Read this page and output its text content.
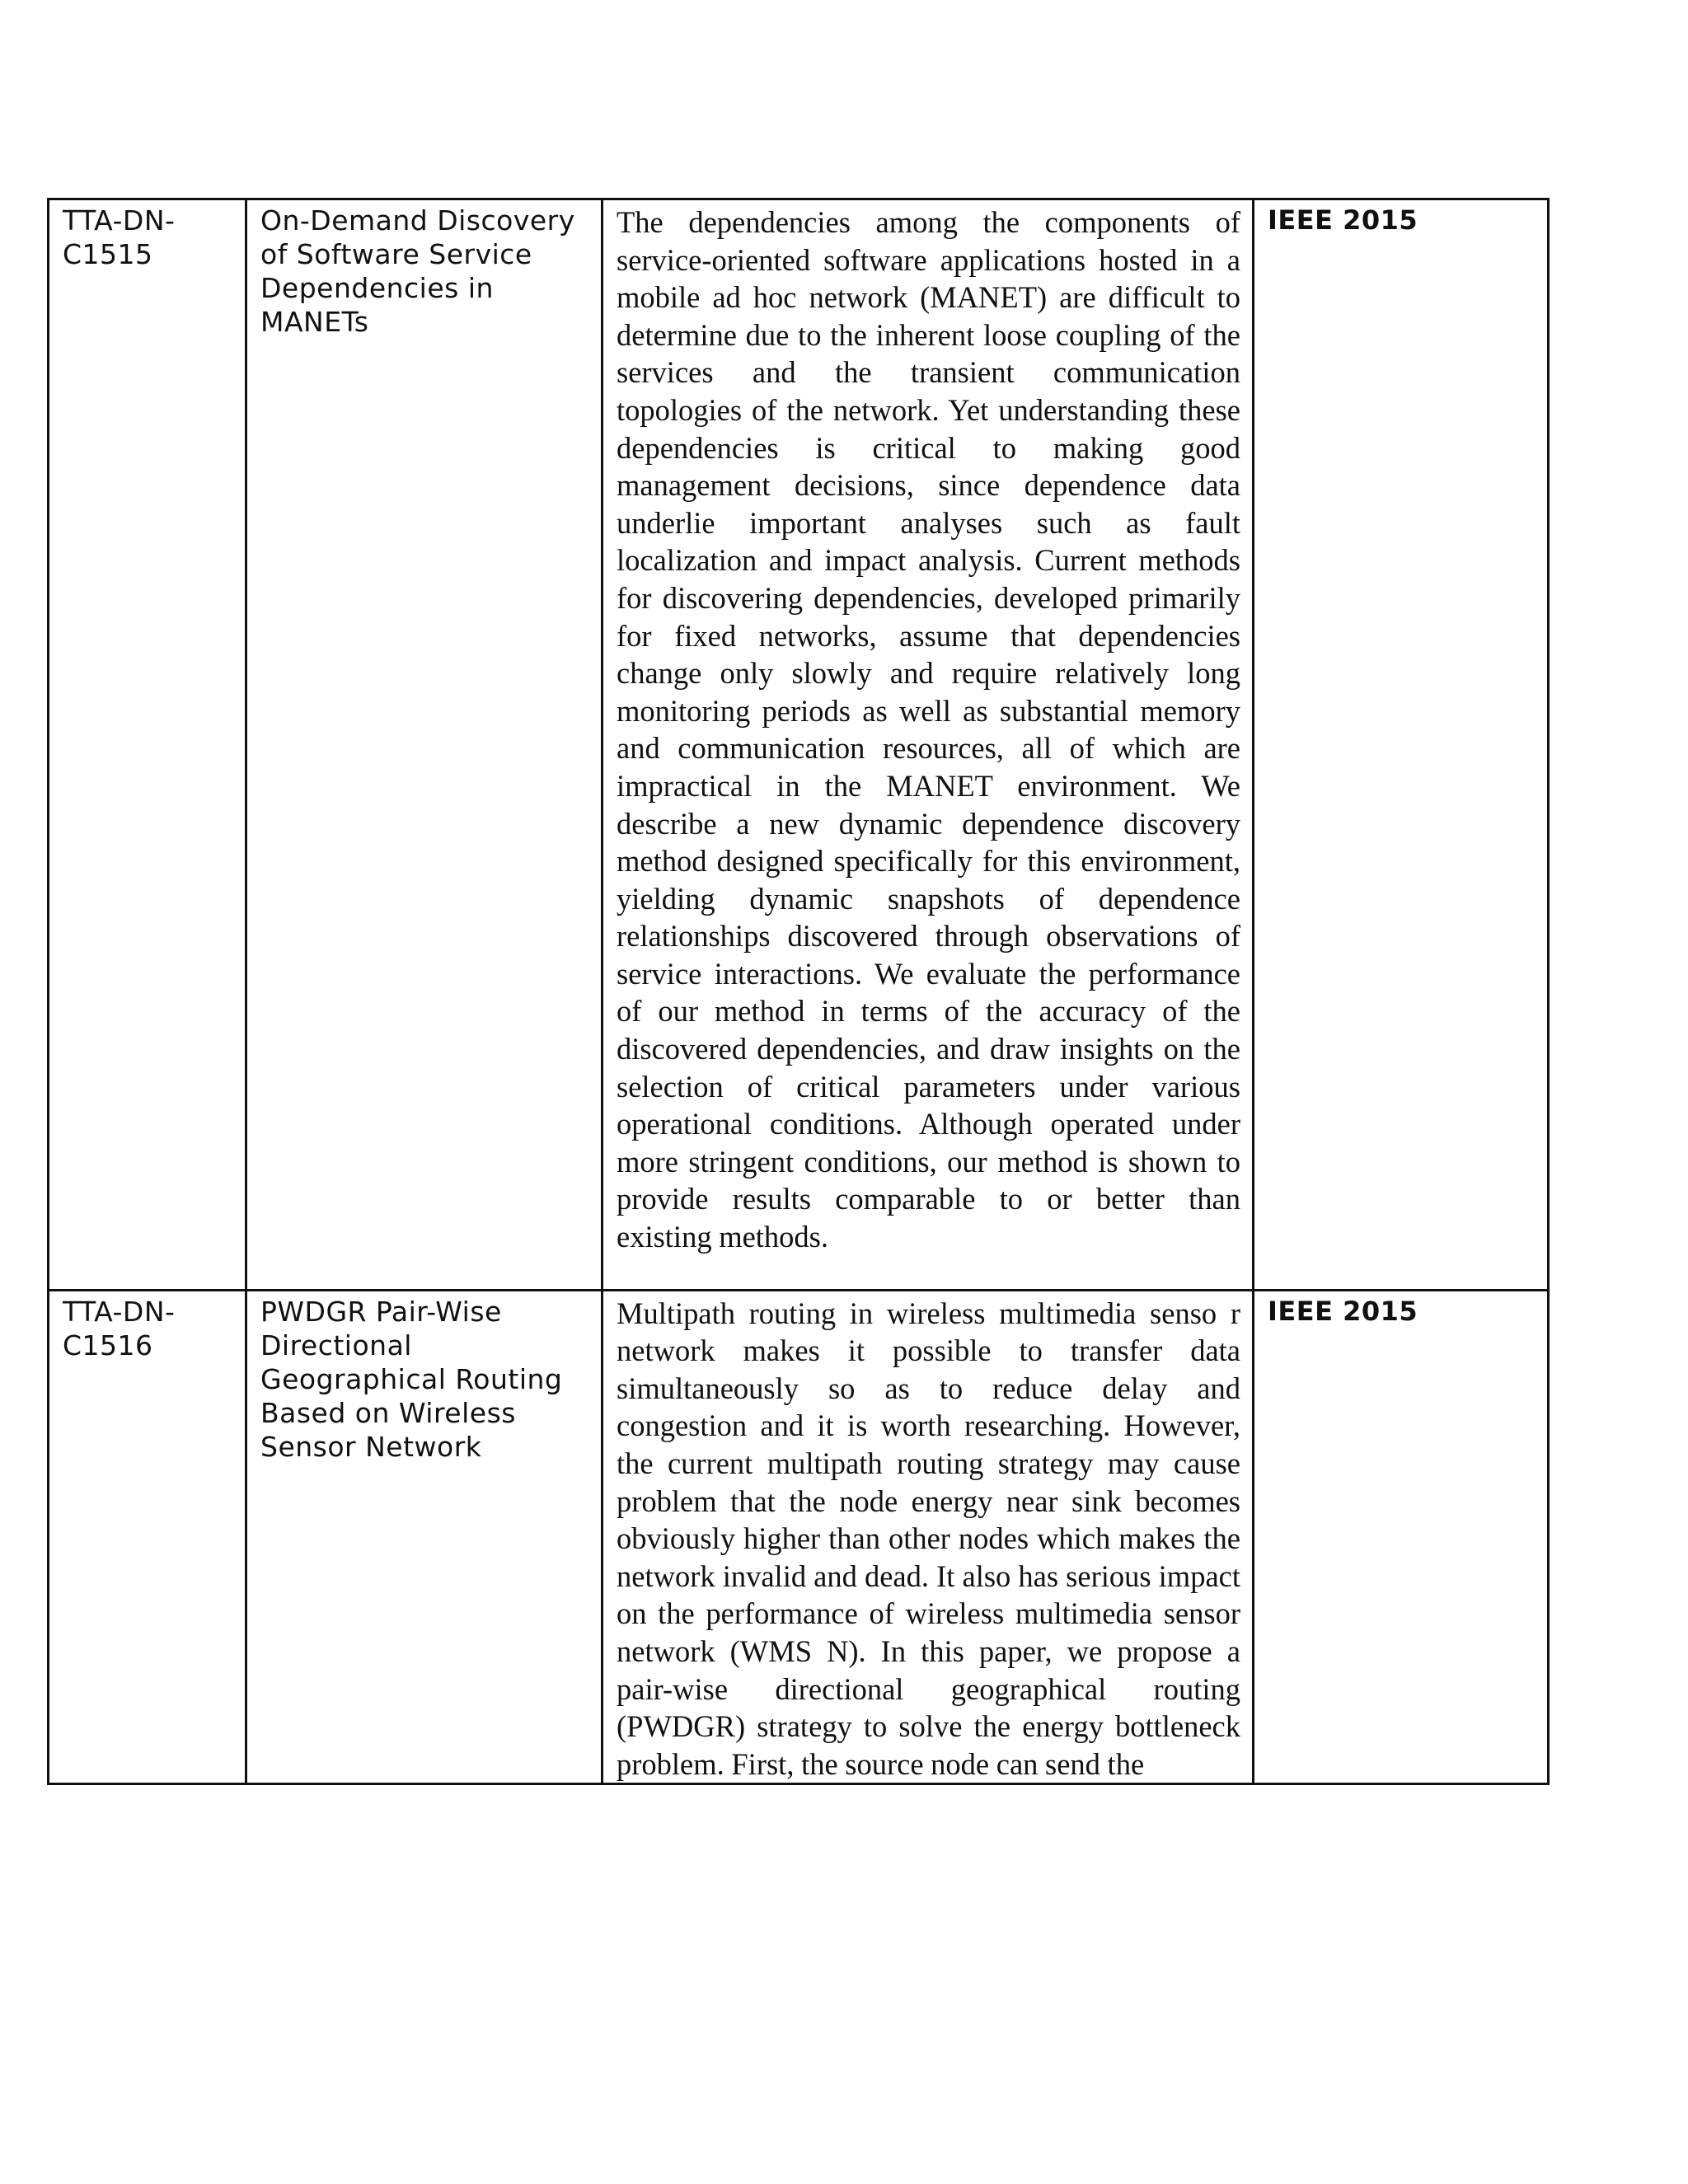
TTA-DN-C1515	On-Demand Discovery of Software Service Dependencies in MANETs	The dependencies among the components of service-oriented software applications hosted in a mobile ad hoc network (MANET) are difficult to determine due to the inherent loose coupling of the services and the transient communication topologies of the network. Yet understanding these dependencies is critical to making good management decisions, since dependence data underlie important analyses such as fault localization and impact analysis. Current methods for discovering dependencies, developed primarily for fixed networks, assume that dependencies change only slowly and require relatively long monitoring periods as well as substantial memory and communication resources, all of which are impractical in the MANET environment. We describe a new dynamic dependence discovery method designed specifically for this environment, yielding dynamic snapshots of dependence relationships discovered through observations of service interactions. We evaluate the performance of our method in terms of the accuracy of the discovered dependencies, and draw insights on the selection of critical parameters under various operational conditions. Although operated under more stringent conditions, our method is shown to provide results comparable to or better than existing methods.	IEEE 2015

TTA-DN-C1516	PWDGR Pair-Wise Directional Geographical Routing Based on Wireless Sensor Network	Multipath routing in wireless multimedia senso r network makes it possible to transfer data simultaneously so as to reduce delay and congestion and it is worth researching. However, the current multipath routing strategy may cause problem that the node energy near sink becomes obviously higher than other nodes which makes the network invalid and dead. It also has serious impact on the performance of wireless multimedia sensor network (WMS N). In this paper, we propose a pair-wise directional geographical routing (PWDGR) strategy to solve the energy bottleneck problem. First, the source node can send the	IEEE 2015
